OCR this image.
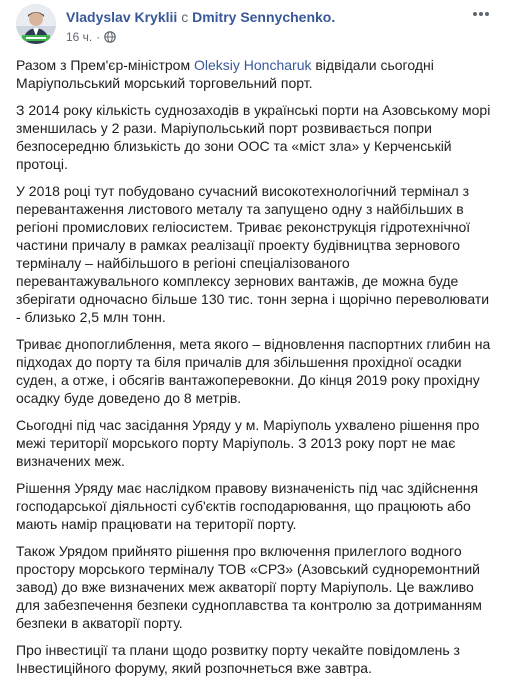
Vladyslav Kryklii с Dmitry Sennychenko.
16 ч. ·

Разом з Прем'єр-міністром Oleksiy Honcharuk відвідали сьогодні Маріупольський морський торговельний порт.

З 2014 року кількість суднозаходів в українські порти на Азовському морі зменшилась у 2 рази. Маріупольський порт розвивається попри безпосередню близькість до зони ООС та «міст зла» у Керченській протоці.

У 2018 році тут побудовано сучасний високотехнологічний термінал з перевантаження листового металу та запущено одну з найбільших в регіоні промислових геліосистем. Триває реконструкція гідротехнічної частини причалу в рамках реалізації проекту будівництва зернового терміналу – найбільшого в регіоні спеціалізованого перевантажувального комплексу зернових вантажів, де можна буде зберігати одночасно більше 130 тис. тонн зерна і щорічно переволювати - близько 2,5 млн тонн.

Триває днопоглиблення, мета якого – відновлення паспортних глибин на підходах до порту та біля причалів для збільшення прохідної осадки суден, а отже, і обсягів вантажоперевокни. До кінця 2019 року прохідну осадку буде доведено до 8 метрів.

Сьогодні під час засідання Уряду у м. Маріуполь ухвалено рішення про межі території морського порту Маріуполь. З 2013 року порт не має визначених меж.

Рішення Уряду має наслідком правову визначеність під час здійснення господарської діяльності суб'єктів господарювання, що працюють або мають намір працювати на території порту.

Також Урядом прийнято рішення про включення прилеглого водного простору морського терміналу ТОВ «СРЗ» (Азовський судноремонтний завод) до вже визначених меж акваторії порту Маріуполь. Це важливо для забезпечення безпеки судноплавства та контролю за дотриманням безпеки в акваторії порту.

Про інвестиції та плани щодо розвитку порту чекайте повідомлень з Інвестиційного форуму, який розпочнеться вже завтра.
